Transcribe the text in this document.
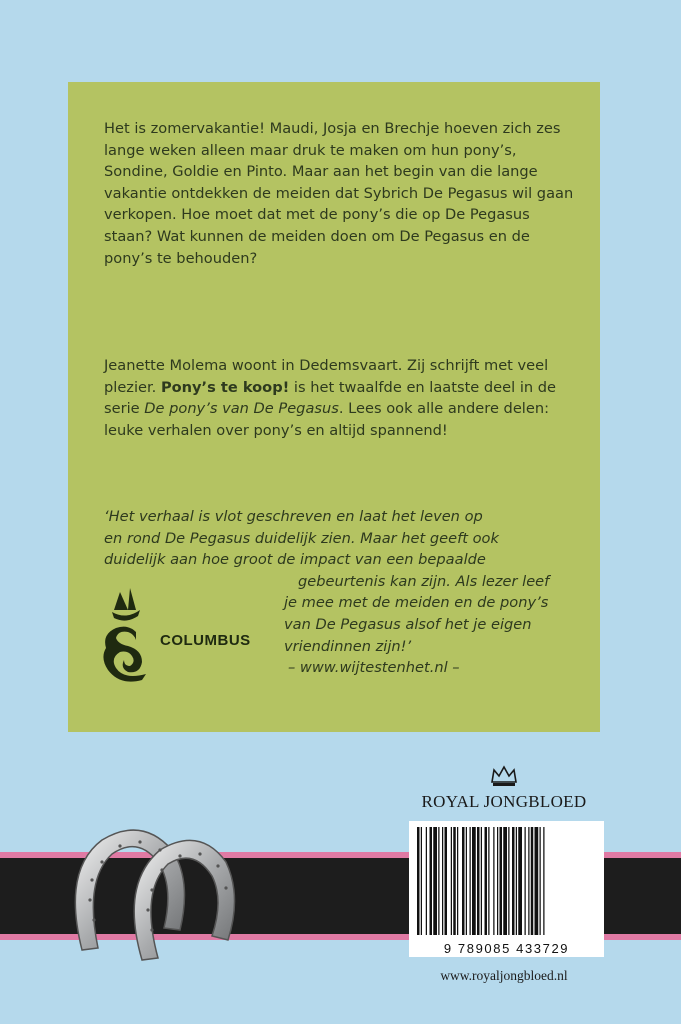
Het is zomervakantie! Maudi, Josja en Brechje hoeven zich zes lange weken alleen maar druk te maken om hun pony’s, Sondine, Goldie en Pinto. Maar aan het begin van die lange vakantie ontdekken de meiden dat Sybrich De Pegasus wil gaan verkopen. Hoe moet dat met de pony’s die op De Pegasus staan? Wat kunnen de meiden doen om De Pegasus en de pony’s te behouden?

Jeanette Molema woont in Dedemsvaart. Zij schrijft met veel plezier. Pony’s te koop! is het twaalfde en laatste deel in de serie De pony’s van De Pegasus. Lees ook alle andere delen: leuke verhalen over pony’s en altijd spannend!

‘Het verhaal is vlot geschreven en laat het leven op
en rond De Pegasus duidelijk zien. Maar het geeft ook
duidelijk aan hoe groot de impact van een bepaalde
gebeurtenis kan zijn. Als lezer leef
je mee met de meiden en de pony’s
van De Pegasus alsof het je eigen
vriendinnen zijn!’
– www.wijtestenhet.nl –

COLUMBUS
ROYAL JONGBLOED
9 789085 433729
www.royaljongbloed.nl
